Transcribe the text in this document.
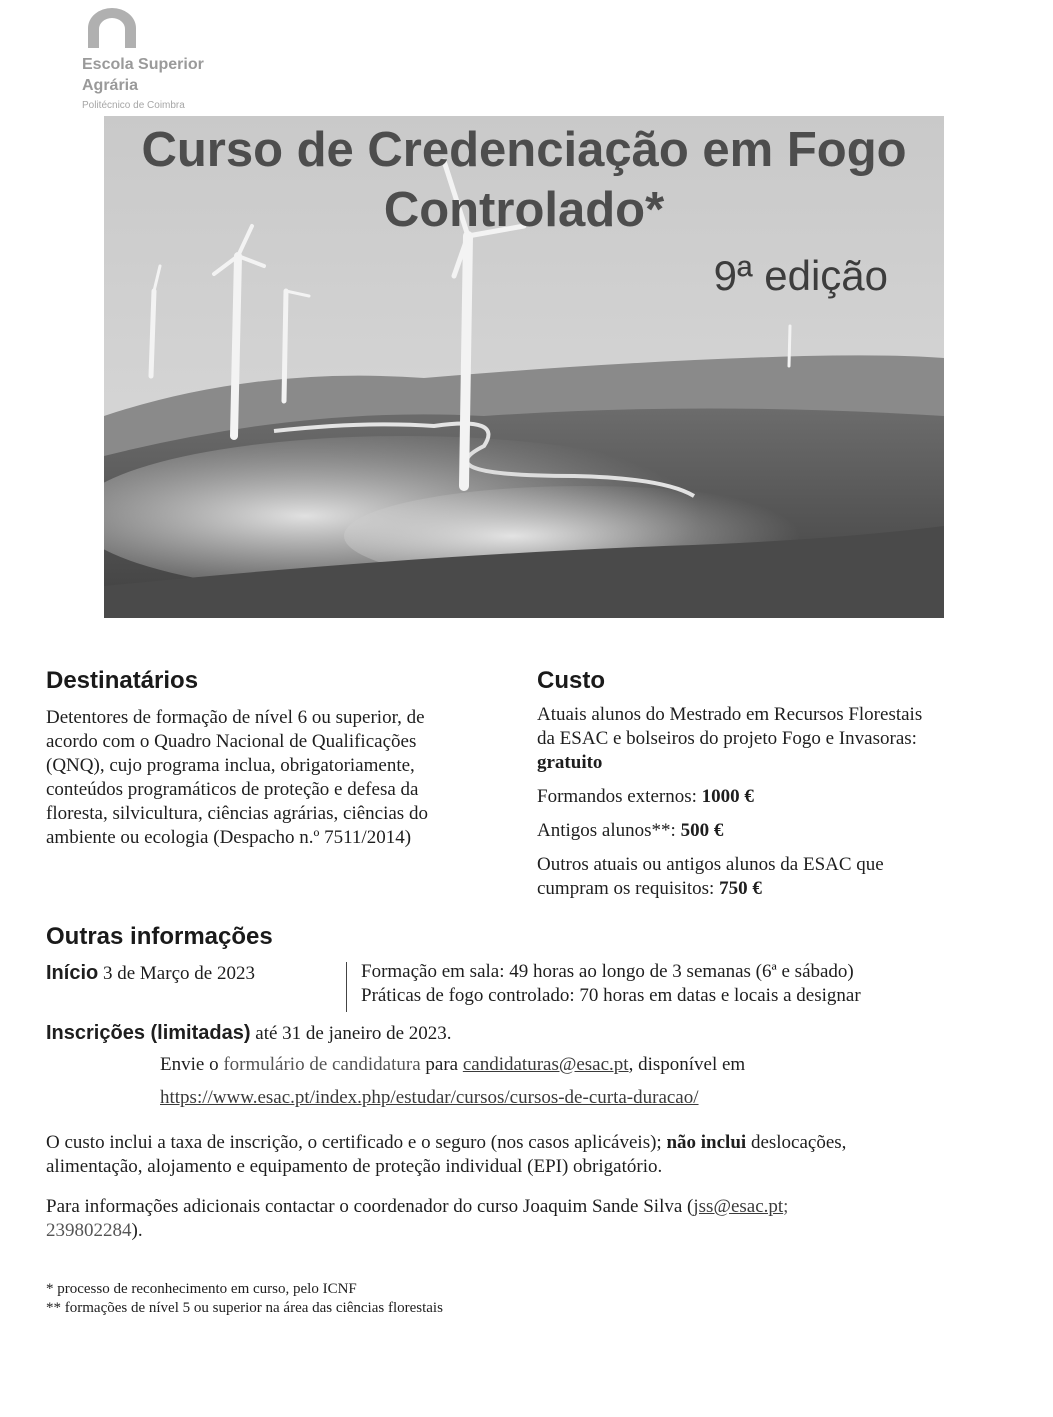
Escola Superior
Agrária
Politécnico de Coimbra
Curso de Credenciação em Fogo
Controlado*
9ª edição
Destinatários

Detentores de formação de nível 6 ou superior, de

acordo com o Quadro Nacional de Qualificações

(QNQ), cujo programa inclua, obrigatoriamente,

conteúdos programáticos de proteção e defesa da

floresta, silvicultura, ciências agrárias, ciências do

ambiente ou ecologia (Despacho n.º 7511/2014)

Custo

Atuais alunos do Mestrado em Recursos Florestais

da ESAC e bolseiros do projeto Fogo e Invasoras:

gratuito

Formandos externos: 1000 €

Antigos alunos**: 500 €

Outros atuais ou antigos alunos da ESAC que

cumpram os requisitos: 750 €

Outras informações
Início 3 de Março de 2023	Formação em sala: 49 horas ao longo de 3 semanas (6ª e sábado)

Práticas de fogo controlado: 70 horas em datas e locais a designar

Inscrições (limitadas) até 31 de janeiro de 2023.
Envie o formulário de candidatura para candidaturas@esac.pt, disponível em
https://www.esac.pt/index.php/estudar/cursos/cursos-de-curta-duracao/

O custo inclui a taxa de inscrição, o certificado e o seguro (nos casos aplicáveis); não inclui deslocações,

alimentação, alojamento e equipamento de proteção individual (EPI) obrigatório.

Para informações adicionais contactar o coordenador do curso Joaquim Sande Silva (jss@esac.pt;

239802284).

* processo de reconhecimento em curso, pelo ICNF
** formações de nível 5 ou superior na área das ciências florestais
